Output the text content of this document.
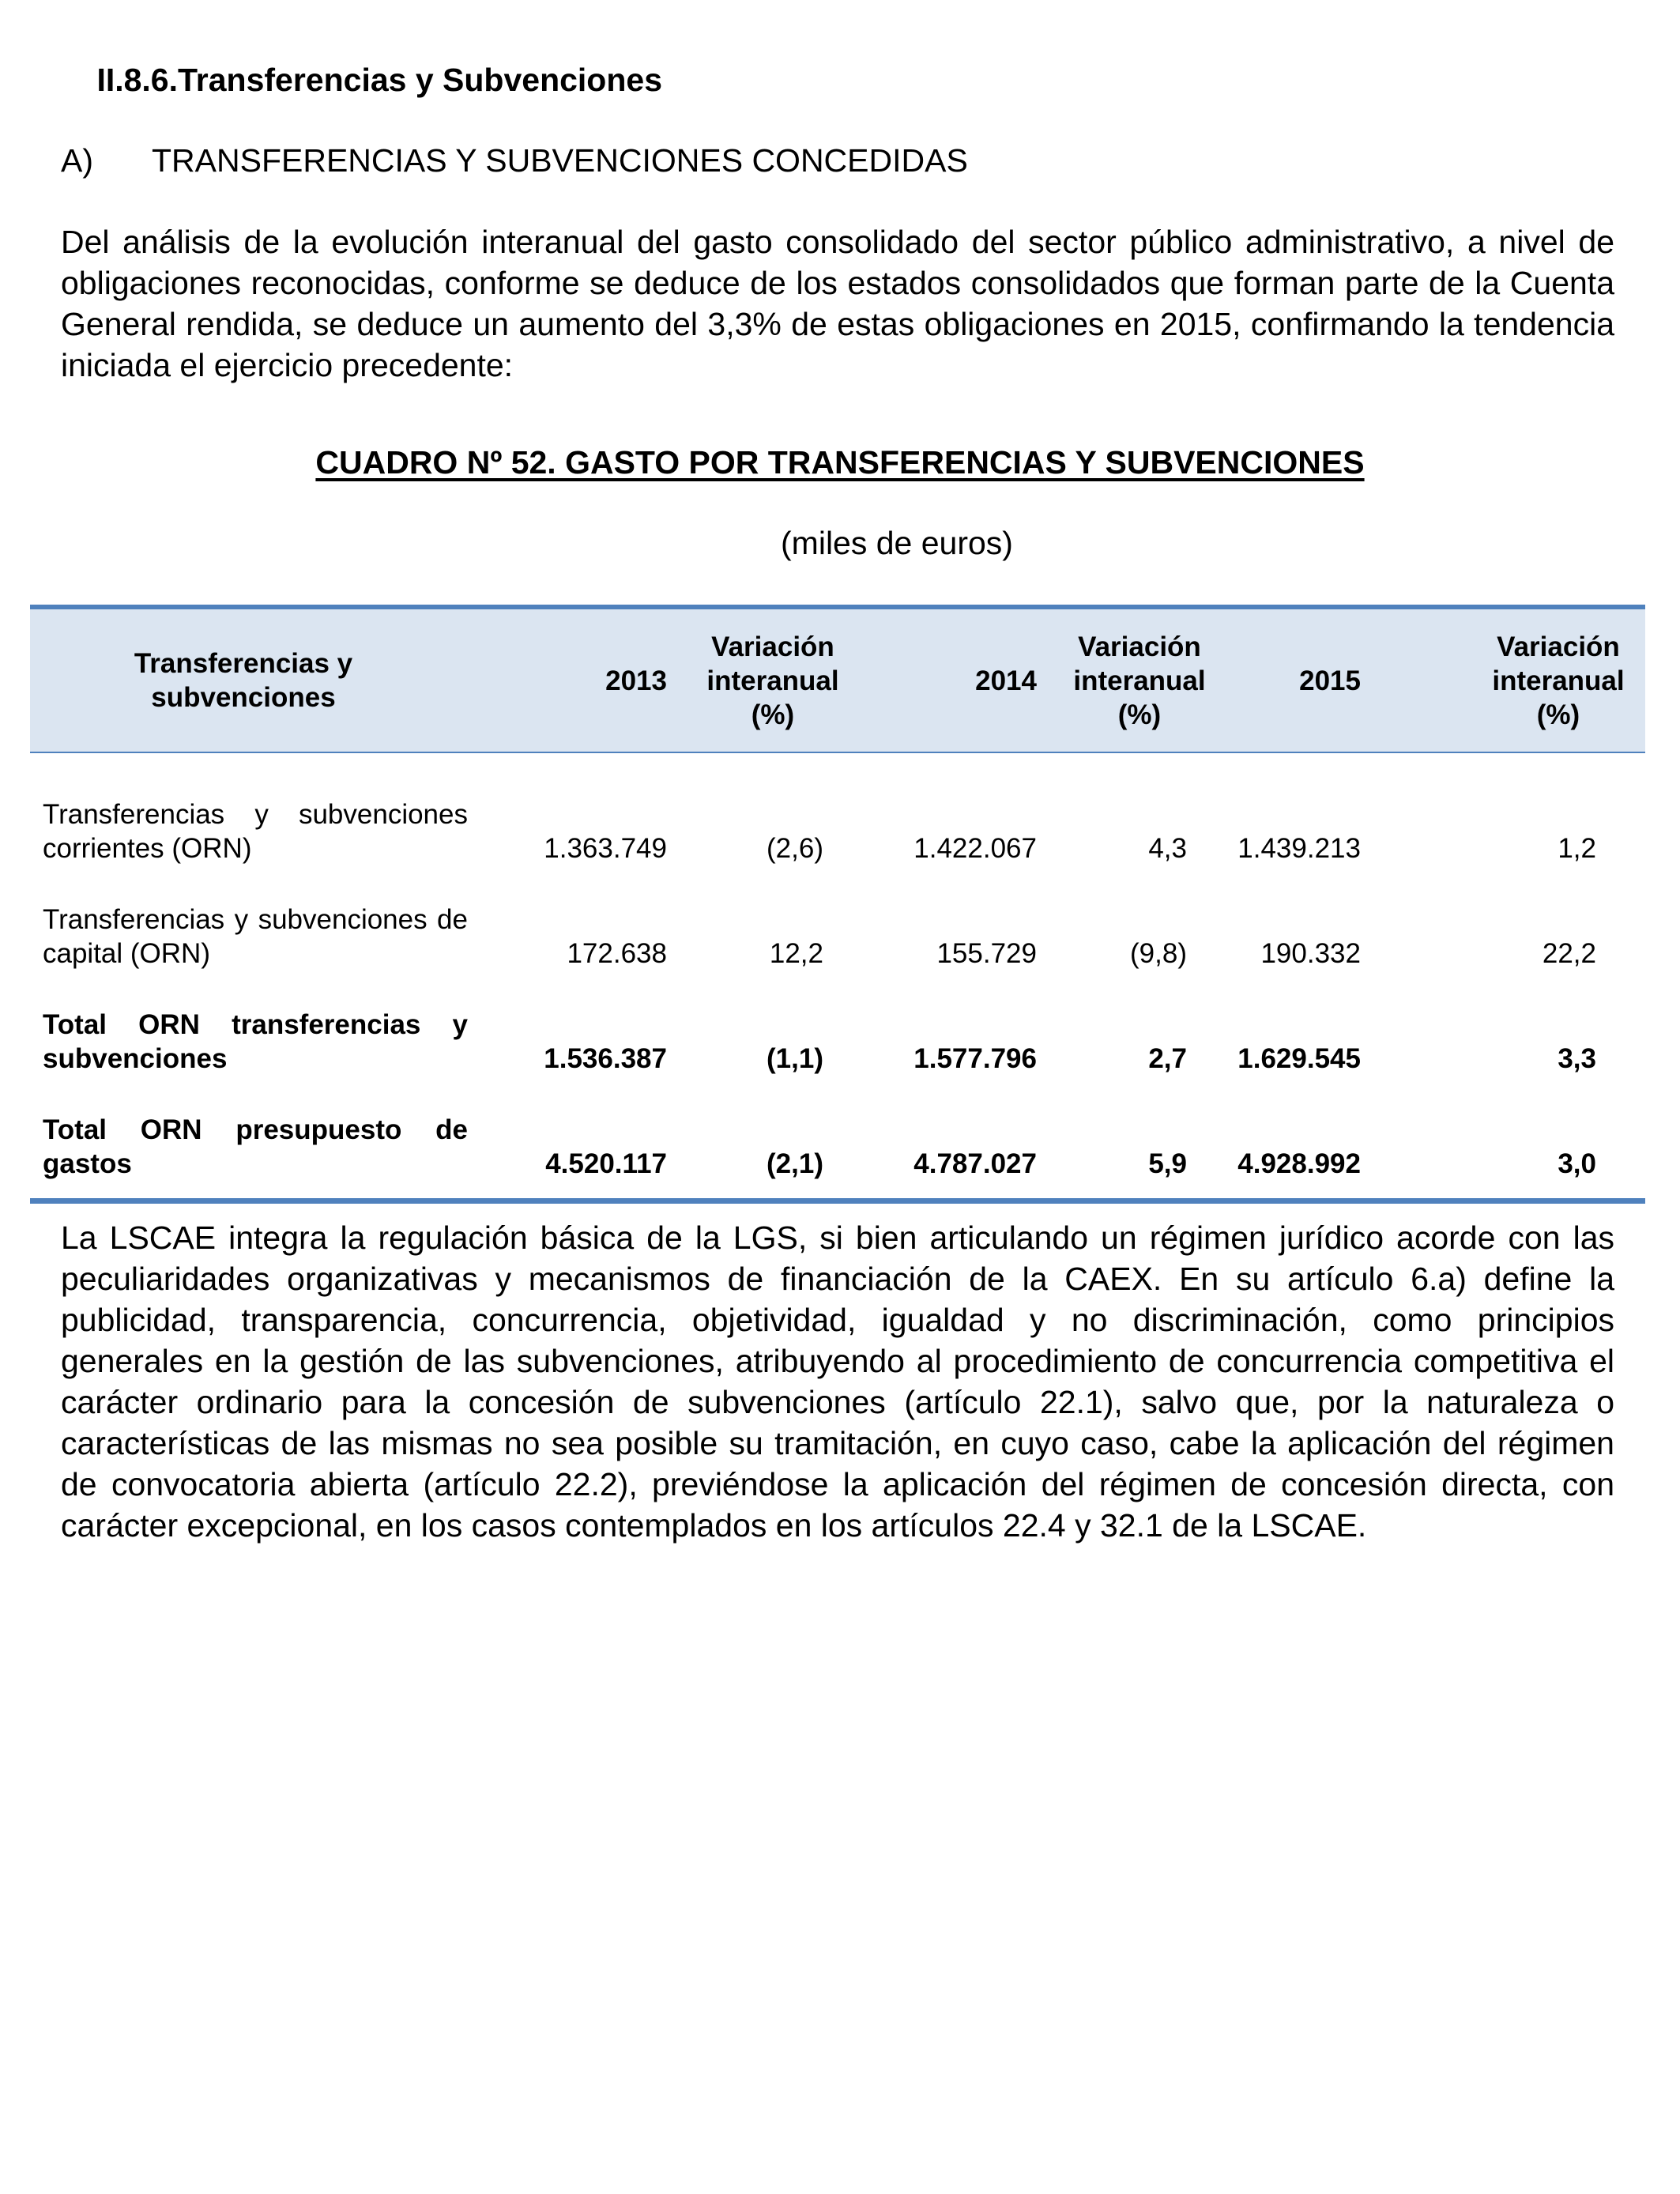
II.8.6.Transferencias y Subvenciones
A) TRANSFERENCIAS Y SUBVENCIONES CONCEDIDAS

Del análisis de la evolución interanual del gasto consolidado del sector público administrativo, a nivel de obligaciones reconocidas, conforme se deduce de los estados consolidados que forman parte de la Cuenta General rendida, se deduce un aumento del 3,3% de estas obligaciones en 2015, confirmando la tendencia iniciada el ejercicio precedente:

CUADRO Nº 52. GASTO POR TRANSFERENCIAS Y SUBVENCIONES
(miles de euros)
Transferencias y subvenciones	2013	Variación interanual (%)	2014	Variación interanual (%)	2015	Variación interanual (%)
Transferencias y subvenciones corrientes (ORN)	1.363.749	(2,6)	1.422.067	4,3	1.439.213	1,2
Transferencias y subvenciones de capital (ORN)	172.638	12,2	155.729	(9,8)	190.332	22,2
Total ORN transferencias y subvenciones	1.536.387	(1,1)	1.577.796	2,7	1.629.545	3,3
Total ORN presupuesto de gastos	4.520.117	(2,1)	4.787.027	5,9	4.928.992	3,0

La LSCAE integra la regulación básica de la LGS, si bien articulando un régimen jurídico acorde con las peculiaridades organizativas y mecanismos de financiación de la CAEX. En su artículo 6.a) define la publicidad, transparencia, concurrencia, objetividad, igualdad y no discriminación, como principios generales en la gestión de las subvenciones, atribuyendo al procedimiento de concurrencia competitiva el carácter ordinario para la concesión de subvenciones (artículo 22.1), salvo que, por la naturaleza o características de las mismas no sea posible su tramitación, en cuyo caso, cabe la aplicación del régimen de convocatoria abierta (artículo 22.2), previéndose la aplicación del régimen de concesión directa, con carácter excepcional, en los casos contemplados en los artículos 22.4 y 32.1 de la LSCAE.
